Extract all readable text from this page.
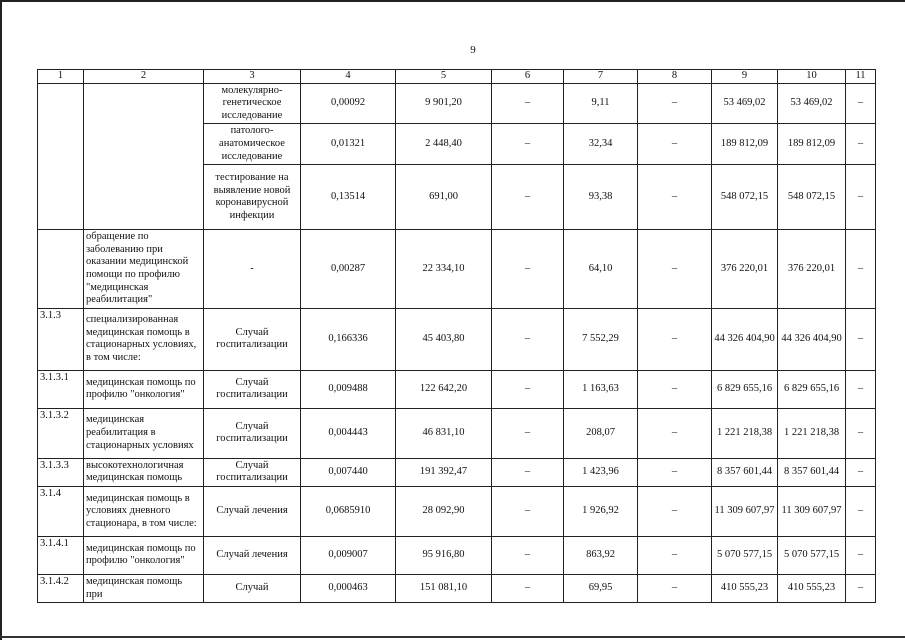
9
1	2	3	4	5	6	7	8	9	10	11
		молекулярно-генетическое исследование	0,00092	9 901,20	–	9,11	–	53 469,02	53 469,02	–
		патолого-анатомическое исследование	0,01321	2 448,40	–	32,34	–	189 812,09	189 812,09	–
		тестирование на выявление новой коронавирусной инфекции	0,13514	691,00	–	93,38	–	548 072,15	548 072,15	–
	обращение по заболеванию при оказании медицинской помощи по профилю "медицинская реабилитация"	-	0,00287	22 334,10	–	64,10	–	376 220,01	376 220,01	–
3.1.3	специализированная медицинская помощь в стационарных условиях, в том числе:	Случай госпитализации	0,166336	45 403,80	–	7 552,29	–	44 326 404,90	44 326 404,90	–
3.1.3.1	медицинская помощь по профилю "онкология"	Случай госпитализации	0,009488	122 642,20	–	1 163,63	–	6 829 655,16	6 829 655,16	–
3.1.3.2	медицинская реабилитация в стационарных условиях	Случай госпитализации	0,004443	46 831,10	–	208,07	–	1 221 218,38	1 221 218,38	–
3.1.3.3	высокотехнологичная медицинская помощь	Случай госпитализации	0,007440	191 392,47	–	1 423,96	–	8 357 601,44	8 357 601,44	–
3.1.4	медицинская помощь в условиях дневного стационара, в том числе:	Случай лечения	0,0685910	28 092,90	–	1 926,92	–	11 309 607,97	11 309 607,97	–
3.1.4.1	медицинская помощь по профилю "онкология"	Случай лечения	0,009007	95 916,80	–	863,92	–	5 070 577,15	5 070 577,15	–
3.1.4.2	медицинская помощь при	Случай	0,000463	151 081,10	–	69,95	–	410 555,23	410 555,23	–
